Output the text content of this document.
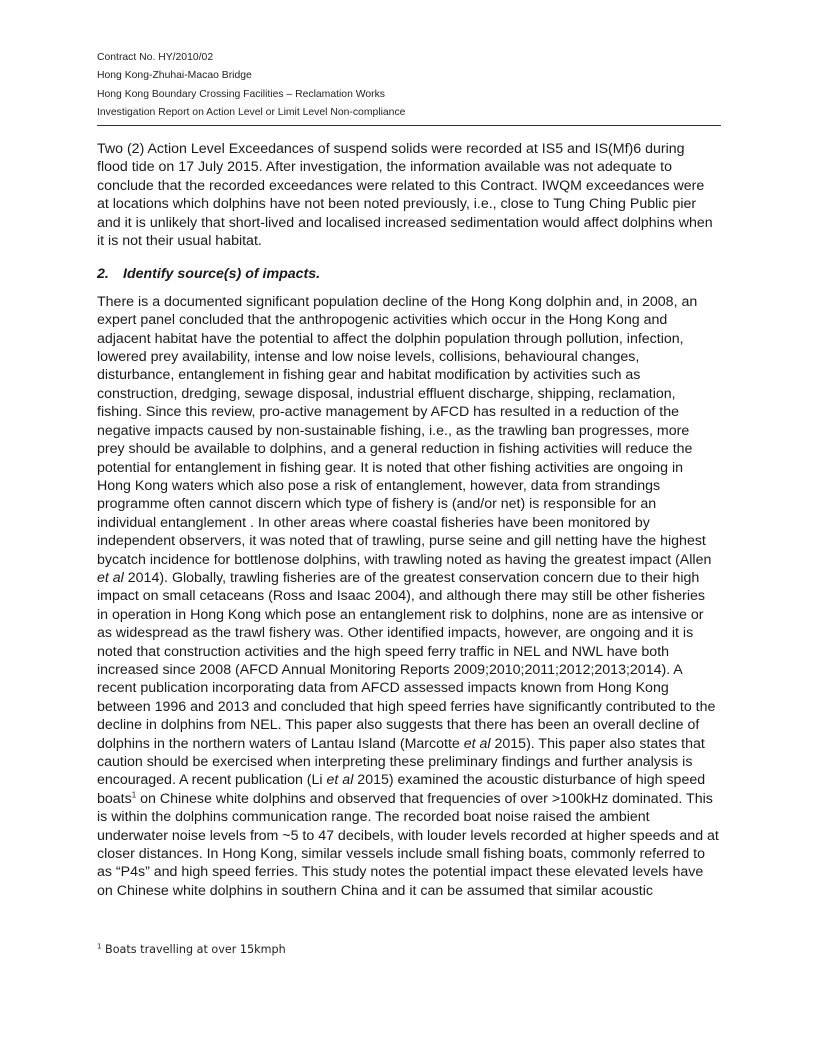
Contract No. HY/2010/02
Hong Kong-Zhuhai-Macao Bridge
Hong Kong Boundary Crossing Facilities – Reclamation Works
Investigation Report on Action Level or Limit Level Non-compliance

Two (2) Action Level Exceedances of suspend solids were recorded at IS5 and IS(Mf)6 during flood tide on 17 July 2015. After investigation, the information available was not adequate to conclude that the recorded exceedances were related to this Contract. IWQM exceedances were at locations which dolphins have not been noted previously, i.e., close to Tung Ching Public pier and it is unlikely that short-lived and localised increased sedimentation would affect dolphins when it is not their usual habitat.

2. Identify source(s) of impacts.

There is a documented significant population decline of the Hong Kong dolphin and, in 2008, an expert panel concluded that the anthropogenic activities which occur in the Hong Kong and adjacent habitat have the potential to affect the dolphin population through pollution, infection, lowered prey availability, intense and low noise levels, collisions, behavioural changes, disturbance, entanglement in fishing gear and habitat modification by activities such as construction, dredging, sewage disposal, industrial effluent discharge, shipping, reclamation, fishing. Since this review, pro-active management by AFCD has resulted in a reduction of the negative impacts caused by non-sustainable fishing, i.e., as the trawling ban progresses, more prey should be available to dolphins, and a general reduction in fishing activities will reduce the potential for entanglement in fishing gear. It is noted that other fishing activities are ongoing in Hong Kong waters which also pose a risk of entanglement, however, data from strandings programme often cannot discern which type of fishery is (and/or net) is responsible for an individual entanglement . In other areas where coastal fisheries have been monitored by independent observers, it was noted that of trawling, purse seine and gill netting have the highest bycatch incidence for bottlenose dolphins, with trawling noted as having the greatest impact (Allen et al 2014). Globally, trawling fisheries are of the greatest conservation concern due to their high impact on small cetaceans (Ross and Isaac 2004), and although there may still be other fisheries in operation in Hong Kong which pose an entanglement risk to dolphins, none are as intensive or as widespread as the trawl fishery was. Other identified impacts, however, are ongoing and it is noted that construction activities and the high speed ferry traffic in NEL and NWL have both increased since 2008 (AFCD Annual Monitoring Reports 2009;2010;2011;2012;2013;2014). A recent publication incorporating data from AFCD assessed impacts known from Hong Kong between 1996 and 2013 and concluded that high speed ferries have significantly contributed to the decline in dolphins from NEL. This paper also suggests that there has been an overall decline of dolphins in the northern waters of Lantau Island (Marcotte et al 2015). This paper also states that caution should be exercised when interpreting these preliminary findings and further analysis is encouraged. A recent publication (Li et al 2015) examined the acoustic disturbance of high speed boats$^1$ on Chinese white dolphins and observed that frequencies of over >100kHz dominated. This is within the dolphins communication range. The recorded boat noise raised the ambient underwater noise levels from ~5 to 47 decibels, with louder levels recorded at higher speeds and at closer distances. In Hong Kong, similar vessels include small fishing boats, commonly referred to as “P4s” and high speed ferries. This study notes the potential impact these elevated levels have on Chinese white dolphins in southern China and it can be assumed that similar acoustic

$^1$ Boats travelling at over 15kmph
